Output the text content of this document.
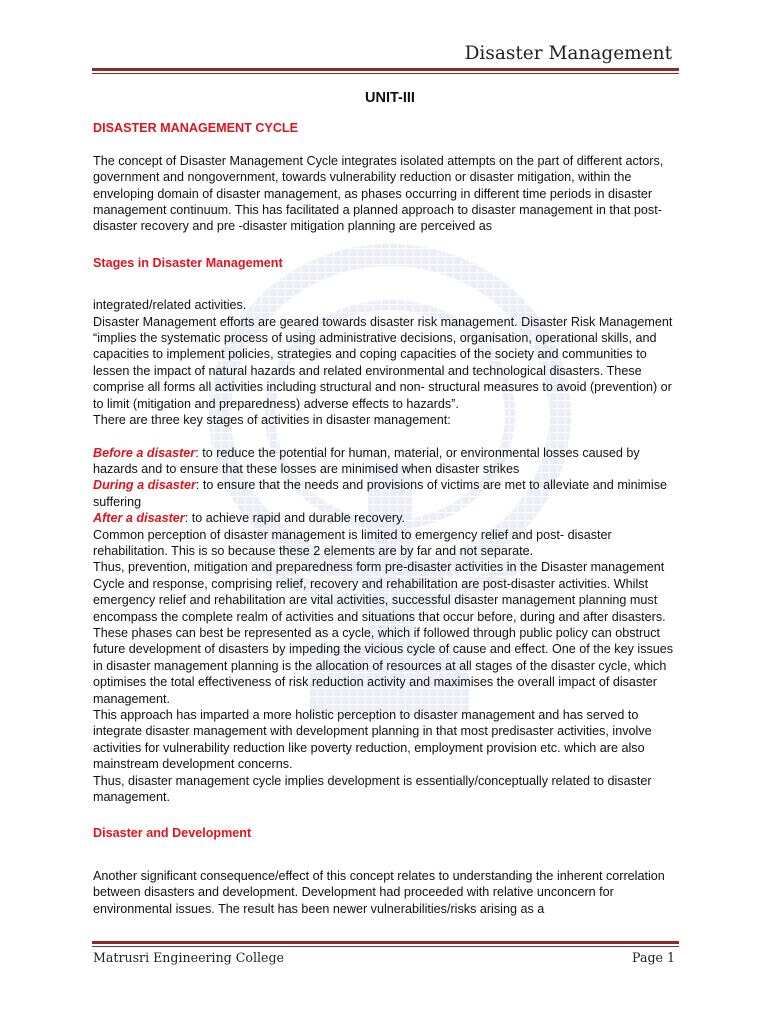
Disaster Management
UNIT-III
DISASTER MANAGEMENT CYCLE

The concept of Disaster Management Cycle integrates isolated attempts on the part of different actors, government and nongovernment, towards vulnerability reduction or disaster mitigation, within the enveloping domain of disaster management, as phases occurring in different time periods in disaster management continuum. This has facilitated a planned approach to disaster management in that post- disaster recovery and pre -disaster mitigation planning are perceived as

Stages in Disaster Management

integrated/related activities.

Disaster Management efforts are geared towards disaster risk management. Disaster Risk Management “implies the systematic process of using administrative decisions, organisation, operational skills, and capacities to implement policies, strategies and coping capacities of the society and communities to lessen the impact of natural hazards and related environmental and technological disasters. These comprise all forms all activities including structural and non- structural measures to avoid (prevention) or to limit (mitigation and preparedness) adverse effects to hazards”.

There are three key stages of activities in disaster management:

Before a disaster: to reduce the potential for human, material, or environmental losses caused by hazards and to ensure that these losses are minimised when disaster strikes

During a disaster: to ensure that the needs and provisions of victims are met to alleviate and minimise suffering

After a disaster: to achieve rapid and durable recovery.

Common perception of disaster management is limited to emergency relief and post- disaster rehabilitation. This is so because these 2 elements are by far and not separate.

Thus, prevention, mitigation and preparedness form pre-disaster activities in the Disaster management Cycle and response, comprising relief, recovery and rehabilitation are post-disaster activities. Whilst emergency relief and rehabilitation are vital activities, successful disaster management planning must encompass the complete realm of activities and situations that occur before, during and after disasters.

These phases can best be represented as a cycle, which if followed through public policy can obstruct future development of disasters by impeding the vicious cycle of cause and effect. One of the key issues in disaster management planning is the allocation of resources at all stages of the disaster cycle, which optimises the total effectiveness of risk reduction activity and maximises the overall impact of disaster management.

This approach has imparted a more holistic perception to disaster management and has served to integrate disaster management with development planning in that most predisaster activities, involve activities for vulnerability reduction like poverty reduction, employment provision etc. which are also mainstream development concerns.

Thus, disaster management cycle implies development is essentially/conceptually related to disaster management.

Disaster and Development

Another significant consequence/effect of this concept relates to understanding the inherent correlation between disasters and development. Development had proceeded with relative unconcern for environmental issues. The result has been newer vulnerabilities/risks arising as a

Matrusri Engineering College	Page 1
